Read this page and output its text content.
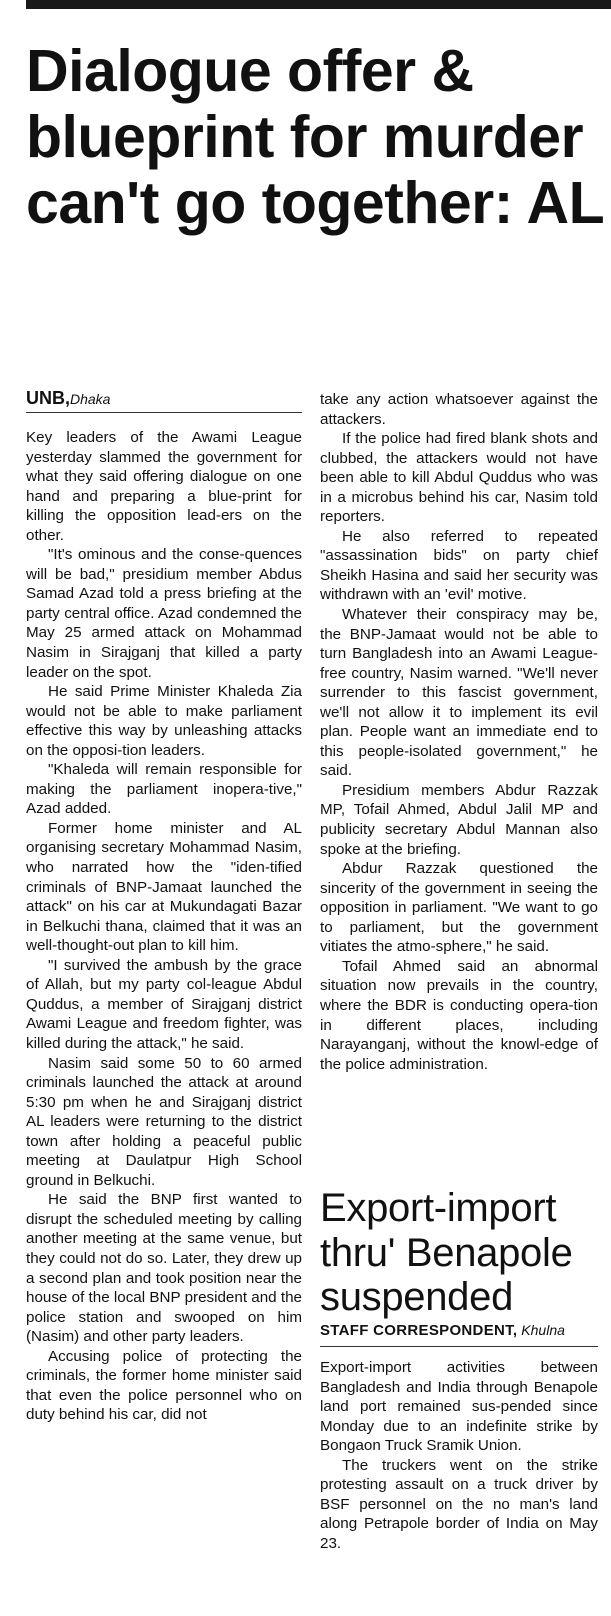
Dialogue offer & blueprint for murder can't go together: AL
UNB,Dhaka

Key leaders of the Awami League yesterday slammed the government for what they said offering dialogue on one hand and preparing a blue-print for killing the opposition lead-ers on the other.

"It's ominous and the conse-quences will be bad," presidium member Abdus Samad Azad told a press briefing at the party central office. Azad condemned the May 25 armed attack on Mohammad Nasim in Sirajganj that killed a party leader on the spot.

He said Prime Minister Khaleda Zia would not be able to make parliament effective this way by unleashing attacks on the opposi-tion leaders.

"Khaleda will remain responsible for making the parliament inopera-tive," Azad added.

Former home minister and AL organising secretary Mohammad Nasim, who narrated how the "iden-tified criminals of BNP-Jamaat launched the attack" on his car at Mukundagati Bazar in Belkuchi thana, claimed that it was an well-thought-out plan to kill him.

"I survived the ambush by the grace of Allah, but my party col-league Abdul Quddus, a member of Sirajganj district Awami League and freedom fighter, was killed during the attack," he said.

Nasim said some 50 to 60 armed criminals launched the attack at around 5:30 pm when he and Sirajganj district AL leaders were returning to the district town after holding a peaceful public meeting at Daulatpur High School ground in Belkuchi.

He said the BNP first wanted to disrupt the scheduled meeting by calling another meeting at the same venue, but they could not do so. Later, they drew up a second plan and took position near the house of the local BNP president and the police station and swooped on him (Nasim) and other party leaders.

Accusing police of protecting the criminals, the former home minister said that even the police personnel who on duty behind his car, did not

take any action whatsoever against the attackers.

If the police had fired blank shots and clubbed, the attackers would not have been able to kill Abdul Quddus who was in a microbus behind his car, Nasim told reporters.

He also referred to repeated "assassination bids" on party chief Sheikh Hasina and said her security was withdrawn with an 'evil' motive.

Whatever their conspiracy may be, the BNP-Jamaat would not be able to turn Bangladesh into an Awami League-free country, Nasim warned. "We'll never surrender to this fascist government, we'll not allow it to implement its evil plan. People want an immediate end to this people-isolated government," he said.

Presidium members Abdur Razzak MP, Tofail Ahmed, Abdul Jalil MP and publicity secretary Abdul Mannan also spoke at the briefing.

Abdur Razzak questioned the sincerity of the government in seeing the opposition in parliament. "We want to go to parliament, but the government vitiates the atmo-sphere," he said.

Tofail Ahmed said an abnormal situation now prevails in the country, where the BDR is conducting opera-tion in different places, including Narayanganj, without the knowl-edge of the police administration.

Export-import thru' Benapole suspended
STAFF CORRESPONDENT, Khulna

Export-import activities between Bangladesh and India through Benapole land port remained sus-pended since Monday due to an indefinite strike by Bongaon Truck Sramik Union.

The truckers went on the strike protesting assault on a truck driver by BSF personnel on the no man's land along Petrapole border of India on May 23.
